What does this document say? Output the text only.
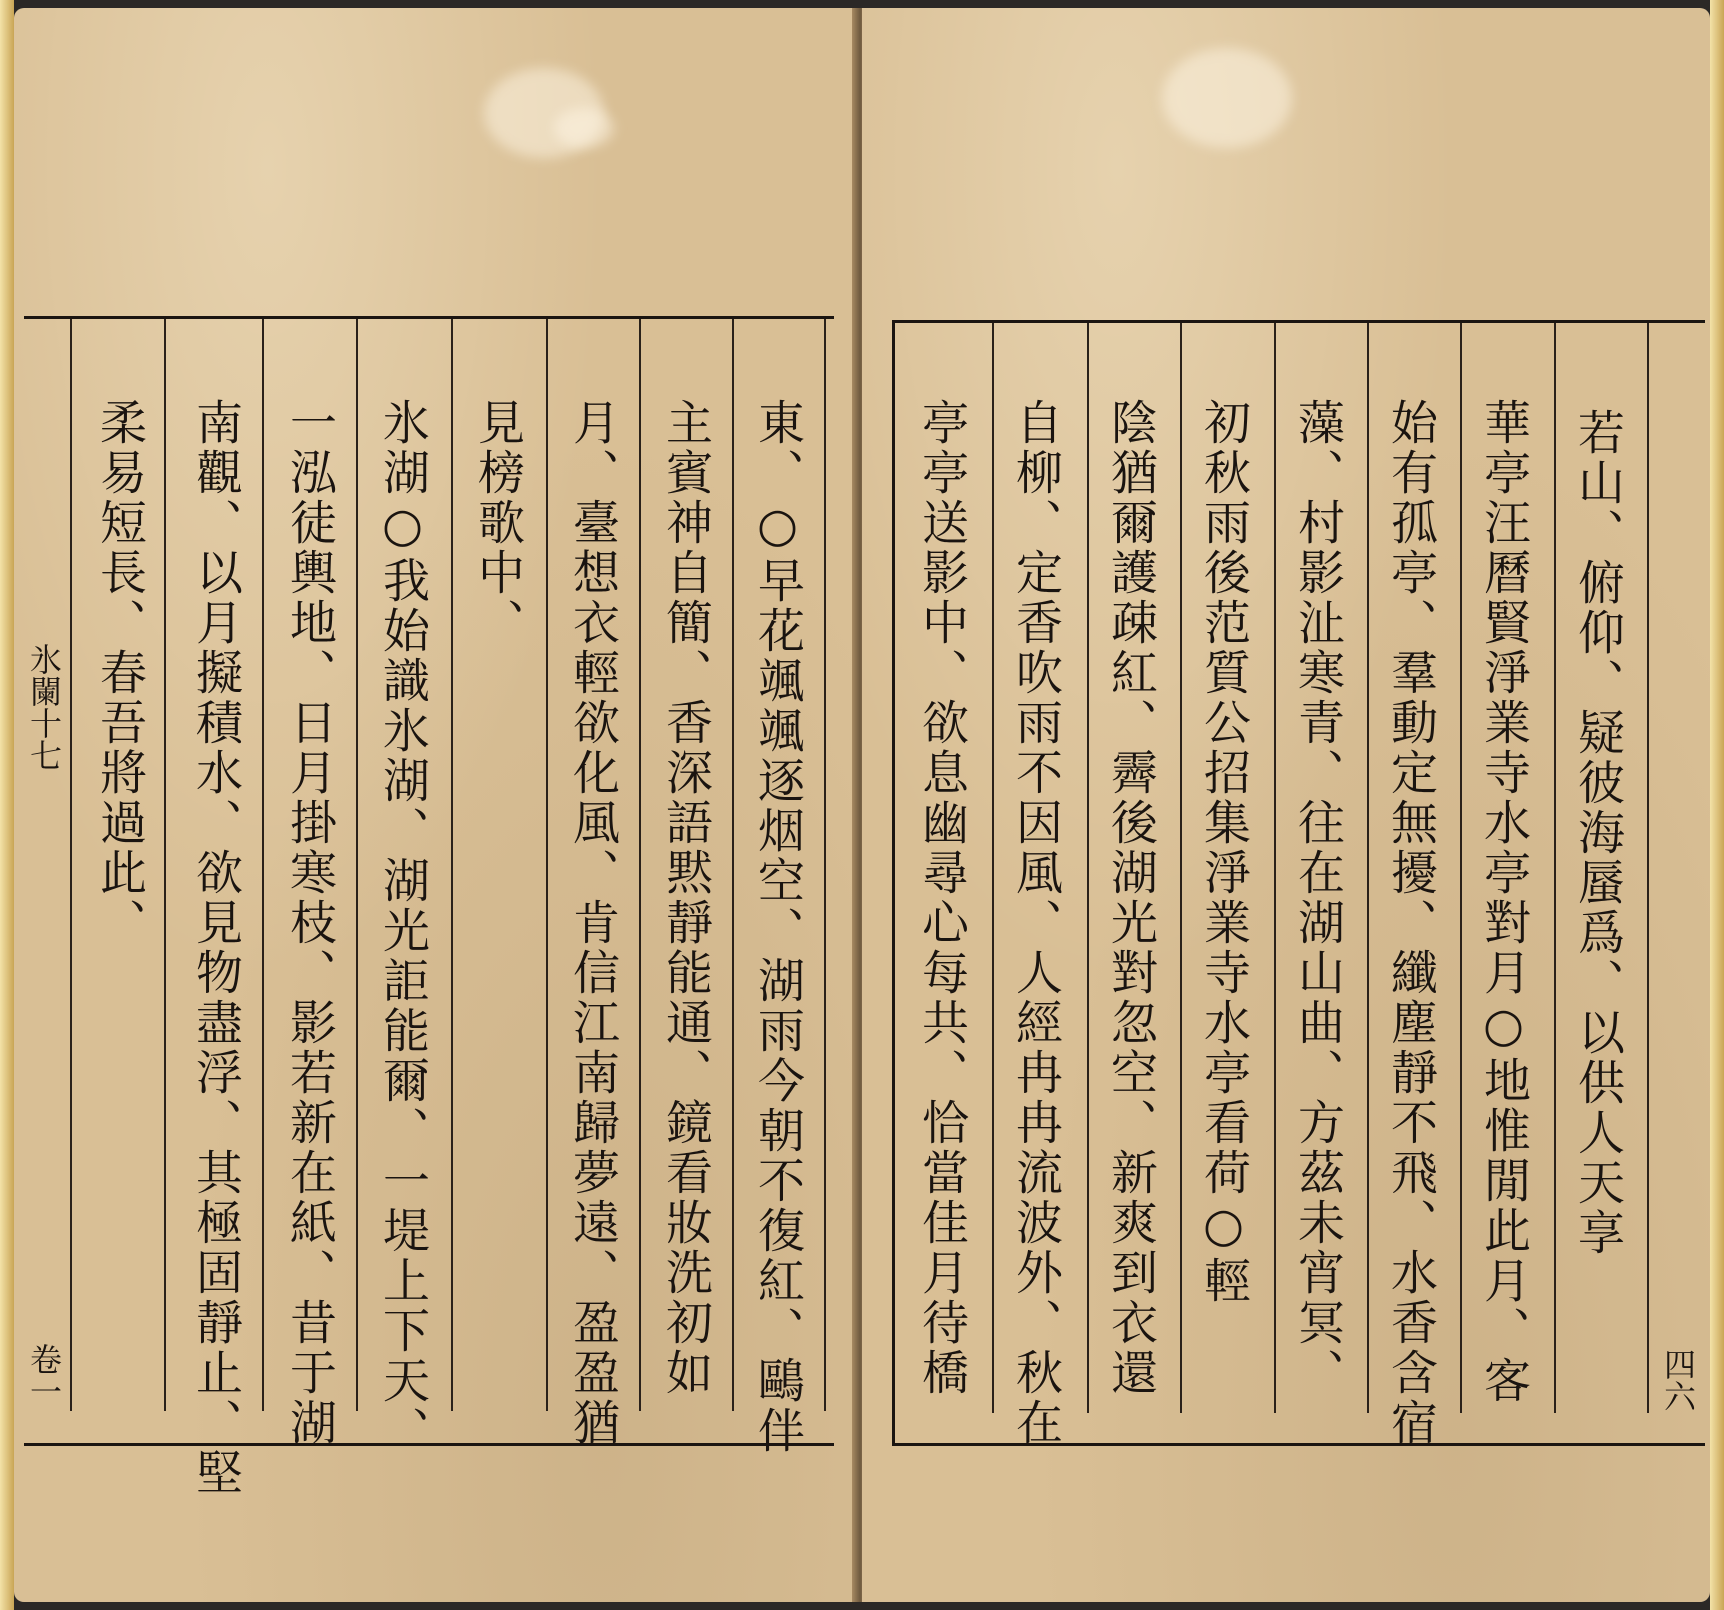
東、○早花颯颯逐烟空、湖雨今朝不復紅、鷗伴
主賓神自簡、香深語黙靜能通、鏡看妝洗初如
月、臺想衣輕欲化風、肯信江南歸夢遠、盈盈猶
見榜歌中、
氷湖○我始識氷湖、湖光詎能爾、一堤上下天、
一泓徒輿地、日月掛寒枝、影若新在紙、昔于湖
南觀、以月擬積水、欲見物盡浮、其極固靜止、堅
柔易短長、春吾將過此、
氷闌十七
卷一
若山、俯仰、疑彼海蜃爲、以供人天享
華亭汪曆賢淨業寺水亭對月○地惟閒此月、客
始有孤亭、羣動定無擾、纖塵靜不飛、水香含宿
藻、村影沚寒青、往在湖山曲、方茲未宵冥、
初秋雨後范質公招集淨業寺水亭看荷○輕
陰猶爾護疎紅、霽後湖光對忽空、新爽到衣還
自柳、定香吹雨不因風、人經冉冉流波外、秋在
亭亭送影中、欲息幽尋心每共、恰當佳月待橋	四六
